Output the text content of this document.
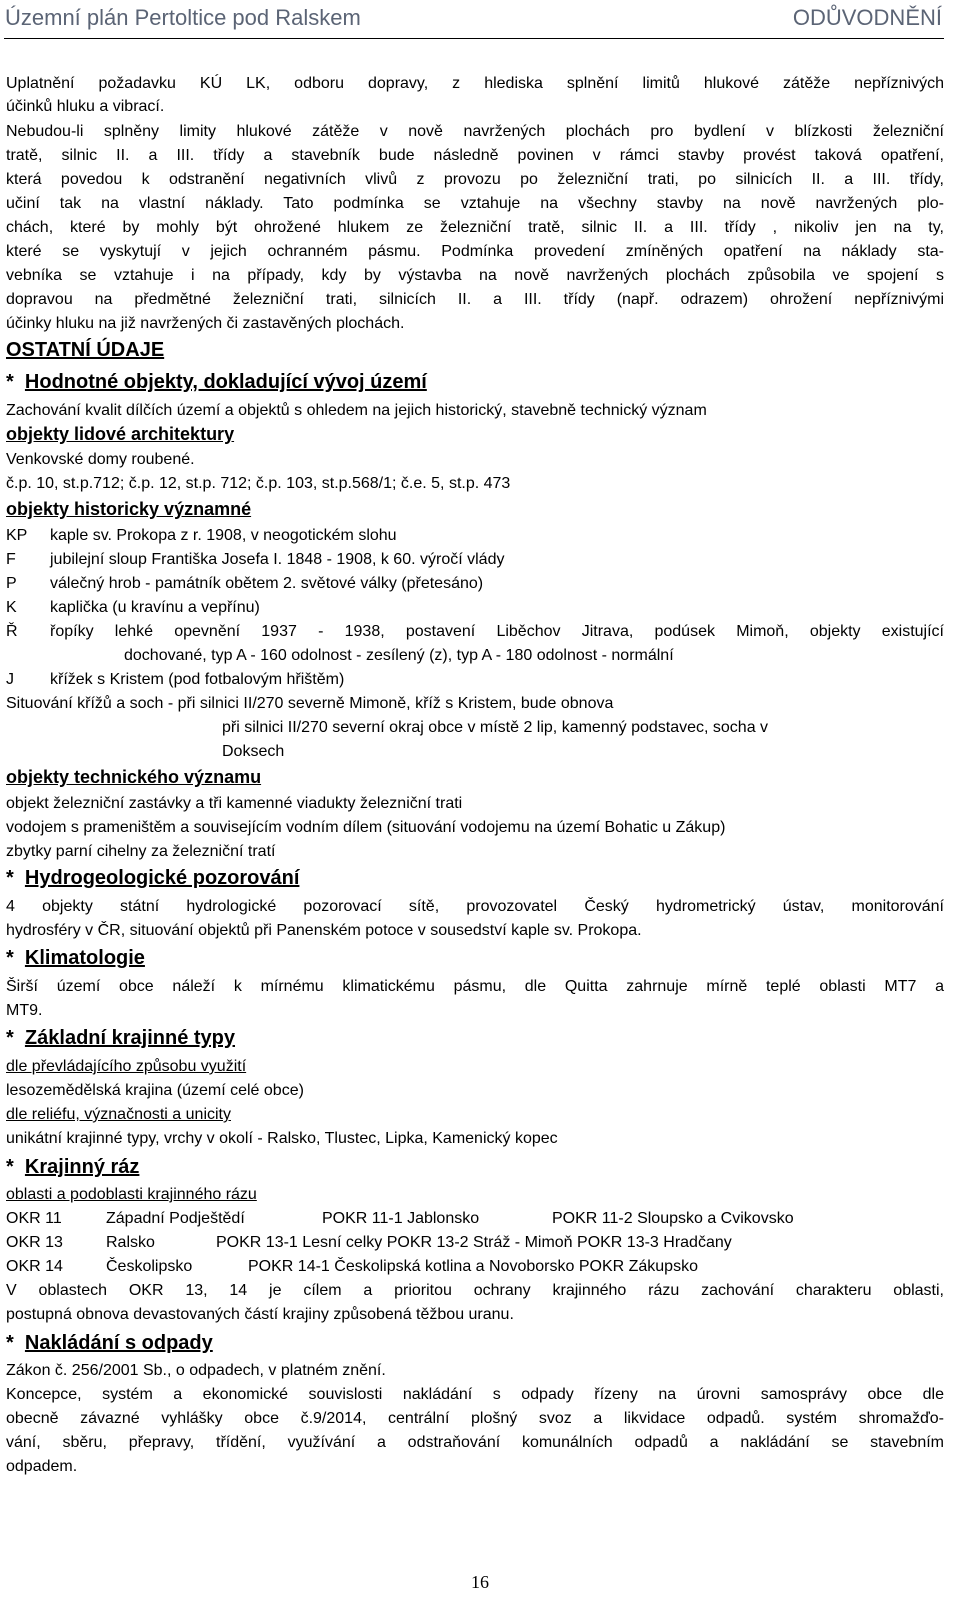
Územní plán Pertoltice pod Ralskem	ODŮVODNĚNÍ
Uplatnění požadavku KÚ LK, odboru dopravy, z hlediska splnění limitů hlukové zátěže nepříznivých
účinků hluku a vibrací.
Nebudou-li splněny limity hlukové zátěže v nově navržených plochách pro bydlení v blízkosti železniční
tratě, silnic II. a III. třídy a stavebník bude následně povinen v rámci stavby provést taková opatření,
která povedou k odstranění negativních vlivů z provozu po železniční trati, po silnicích II. a III. třídy,
učiní tak na vlastní náklady. Tato podmínka se vztahuje na všechny stavby na nově navržených plo-
chách, které by mohly být ohrožené hlukem ze železniční tratě, silnic II. a III. třídy , nikoliv jen na ty,
které se vyskytují v jejich ochranném pásmu. Podmínka provedení zmíněných opatření na náklady sta-
vebníka se vztahuje i na případy, kdy by výstavba na nově navržených plochách způsobila ve spojení s
dopravou na předmětné železniční trati, silnicích II. a III. třídy (např. odrazem) ohrožení nepříznivými
účinky hluku na již navržených či zastavěných plochách.
OSTATNÍ ÚDAJE
* Hodnotné objekty, dokladující vývoj území
Zachování kvalit dílčích území a objektů s ohledem na jejich historický, stavebně technický význam
objekty lidové architektury
Venkovské domy roubené.
č.p. 10, st.p.712; č.p. 12, st.p. 712; č.p. 103, st.p.568/1; č.e. 5, st.p. 473
objekty historicky významné
KP kaple sv. Prokopa z r. 1908, v neogotickém slohu
F jubilejní sloup Františka Josefa I. 1848 - 1908, k 60. výročí vlády
P válečný hrob - památník obětem 2. světové války (přetesáno)
K kaplička (u kravínu a vepřínu)
Ř řopíky lehké opevnění 1937 - 1938, postavení Liběchov Jitrava, podúsek Mimoň, objekty existující
dochované, typ A - 160 odolnost - zesílený (z), typ A - 180 odolnost - normální
J křížek s Kristem (pod fotbalovým hřištěm)
Situování křížů a soch - při silnici II/270 severně Mimoně, kříž s Kristem, bude obnova
při silnici II/270 severní okraj obce v místě 2 lip, kamenný podstavec, socha v
Doksech
objekty technického významu
objekt železniční zastávky a tři kamenné viadukty železniční trati
vodojem s prameništěm a souvisejícím vodním dílem (situování vodojemu na území Bohatic u Zákup)
zbytky parní cihelny za železniční tratí
* Hydrogeologické pozorování
4 objekty státní hydrologické pozorovací sítě, provozovatel Český hydrometrický ústav, monitorování
hydrosféry v ČR, situování objektů při Panenském potoce v sousedství kaple sv. Prokopa.
* Klimatologie
Širší území obce náleží k mírnému klimatickému pásmu, dle Quitta zahrnuje mírně teplé oblasti MT7 a
MT9.
* Základní krajinné typy
dle převládajícího způsobu využití
lesozemědělská krajina (území celé obce)
dle reliéfu, význačnosti a unicity
unikátní krajinné typy, vrchy v okolí - Ralsko, Tlustec, Lipka, Kamenický kopec
* Krajinný ráz
oblasti a podoblasti krajinného rázu
OKR 11	Západní Podještědí	POKR 11-1 Jablonsko	POKR 11-2 Sloupsko a Cvikovsko
OKR 13	Ralsko	POKR 13-1 Lesní celky POKR 13-2 Stráž - Mimoň POKR 13-3 Hradčany
OKR 14	Českolipsko	POKR 14-1 Českolipská kotlina a Novoborsko POKR Zákupsko
V oblastech OKR 13, 14 je cílem a prioritou ochrany krajinného rázu zachování charakteru oblasti,
postupná obnova devastovaných částí krajiny způsobená těžbou uranu.
* Nakládání s odpady
Zákon č. 256/2001 Sb., o odpadech, v platném znění.
Koncepce, systém a ekonomické souvislosti nakládání s odpady řízeny na úrovni samosprávy obce dle
obecně závazné vyhlášky obce č.9/2014, centrální plošný svoz a likvidace odpadů. systém shromažďo-
vání, sběru, přepravy, třídění, využívání a odstraňování komunálních odpadů a nakládání se stavebním
odpadem.
16
